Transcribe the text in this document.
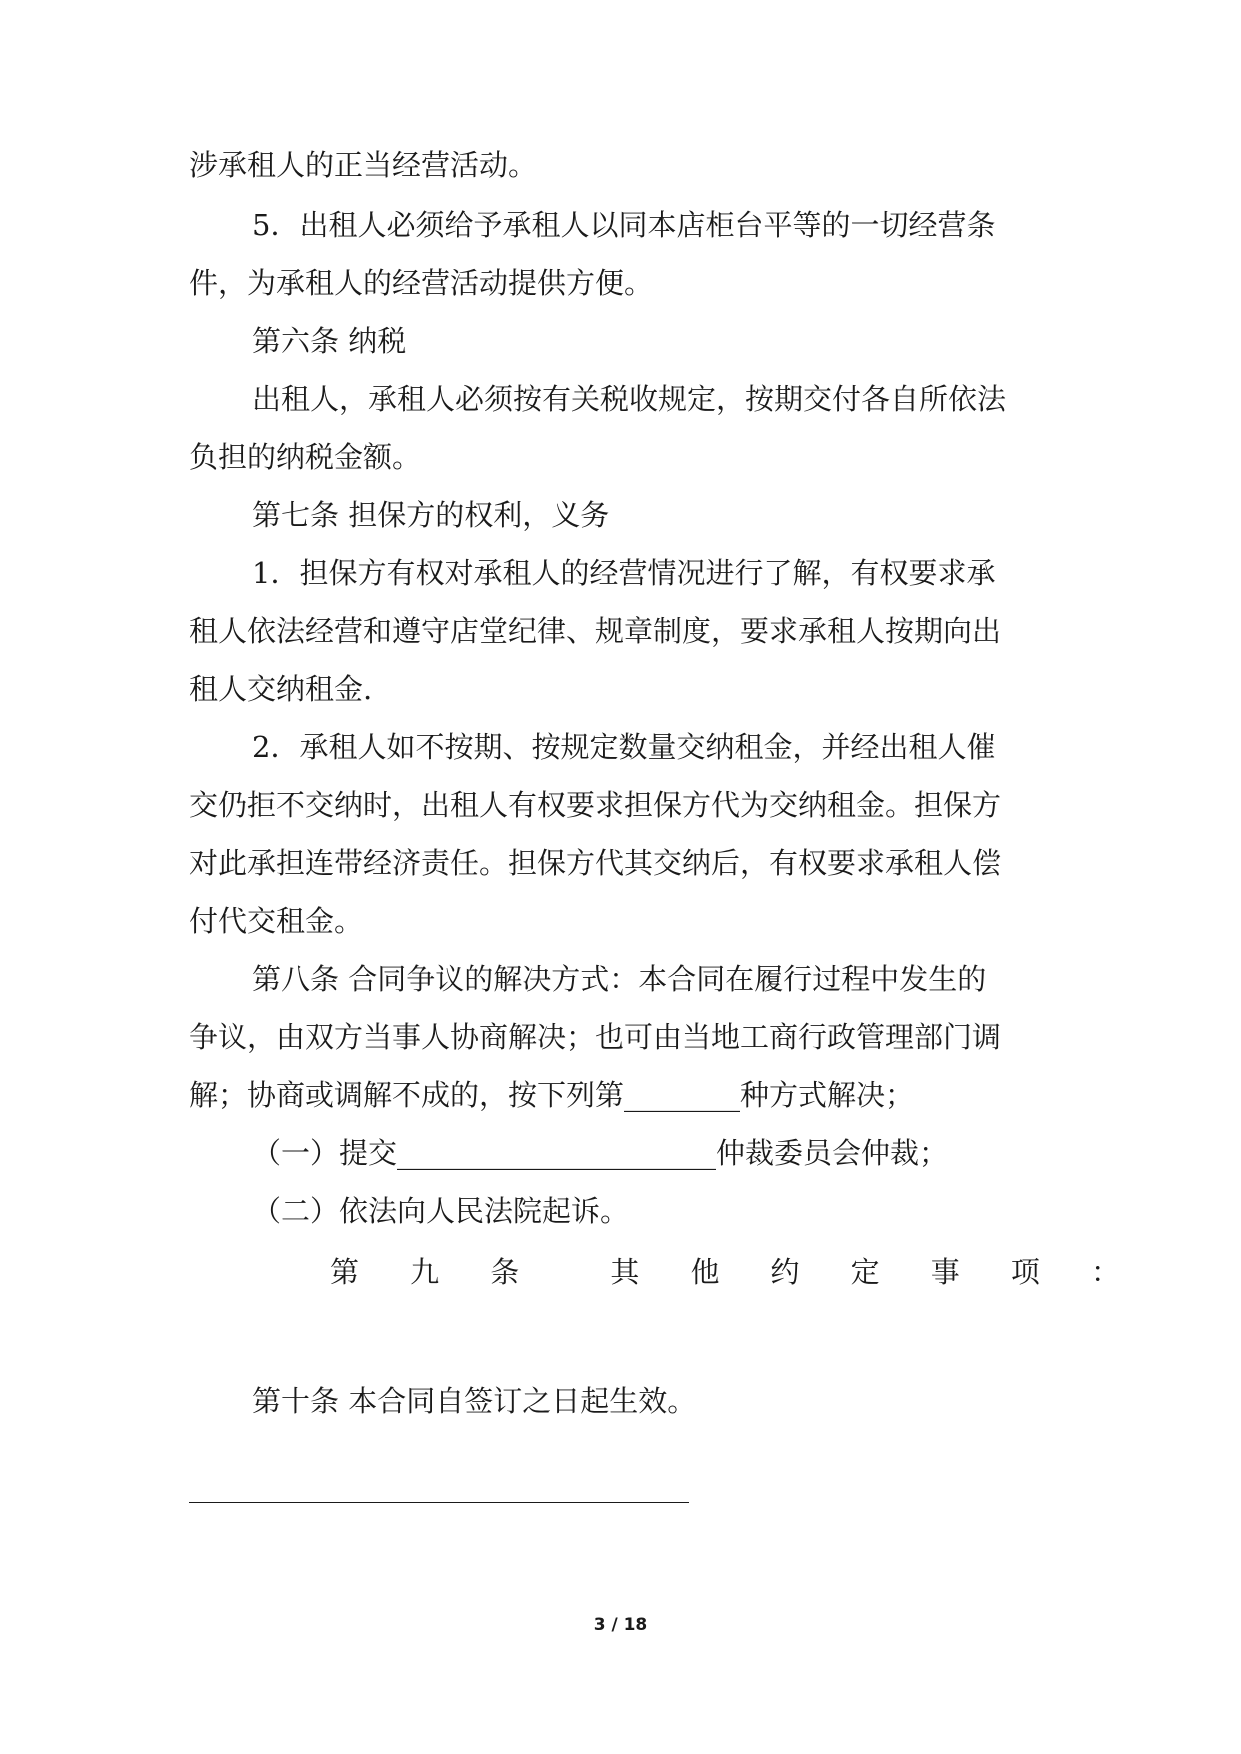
涉承租人的正当经营活动。

5．出租人必须给予承租人以同本店柜台平等的一切经营条

件，为承租人的经营活动提供方便。

第六条 纳税

出租人，承租人必须按有关税收规定，按期交付各自所依法

负担的纳税金额。

第七条 担保方的权利，义务

1．担保方有权对承租人的经营情况进行了解，有权要求承

租人依法经营和遵守店堂纪律、规章制度，要求承租人按期向出

租人交纳租金.

2．承租人如不按期、按规定数量交纳租金，并经出租人催

交仍拒不交纳时，出租人有权要求担保方代为交纳租金。担保方

对此承担连带经济责任。担保方代其交纳后，有权要求承租人偿

付代交租金。

第八条 合同争议的解决方式：本合同在履行过程中发生的

争议，由双方当事人协商解决；也可由当地工商行政管理部门调

解；协商或调解不成的，按下列第________种方式解决；

（一）提交______________________仲裁委员会仲裁；

（二）依法向人民法院起诉。

第 九 条	其 他 约 定 事 项 ：

第十条 本合同自签订之日起生效。

3 / 18
